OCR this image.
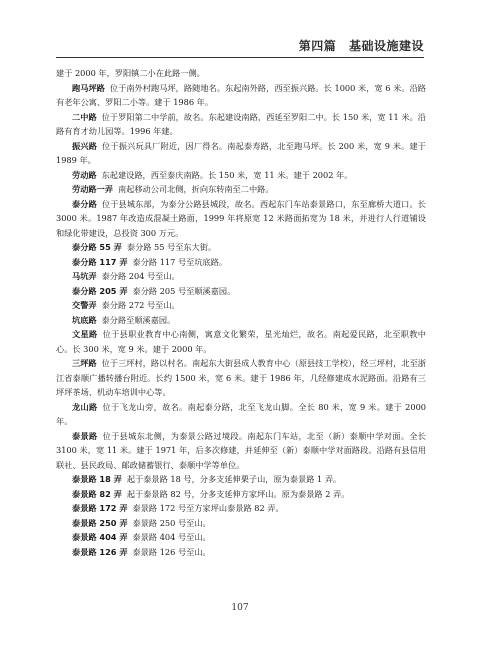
第四篇 基础设施建设

建于 2000 年，罗阳镇二小在此路一侧。

跑马坪路 位于南外村跑马坪，路随地名。东起南外路，西至振兴路。长 1000 米，宽 6 米。沿路有老年公寓、罗阳二小等。建于 1986 年。

二中路 位于罗阳第二中学前，故名。东起建设南路，西延至罗阳二中。长 150 米，宽 11 米。沿路有育才幼儿园等。1996 年建。

振兴路 位于振兴玩具厂附近，因厂得名。南起泰寿路，北至跑马坪。长 200 米，宽 9 米。建于 1989 年。

劳动路 东起建设路，西至泰庆南路。长 150 米，宽 11 米。建于 2002 年。

劳动路一弄 南起移动公司北侧，折向东转南至二中路。

泰分路 位于县城东部，为泰分公路县城段，故名。西起东门车站泰景路口，东至廊桥大道口。长 3000 米。1987 年改造成混凝土路面，1999 年将原宽 12 米路面拓宽为 18 米，并进行人行道铺设和绿化带建设，总投资 300 万元。

泰分路 55 弄 泰分路 55 号至东大街。

泰分路 117 弄 泰分路 117 号至坑底路。

马坑弄 泰分路 204 号至山。

泰分路 205 弄 泰分路 205 号至顺溪嘉园。

交警弄 泰分路 272 号至山。

坑底路 泰分路至顺溪嘉园。

文星路 位于县职业教育中心南侧，寓意文化繁荣，星光灿烂，故名。南起爱民路，北至职教中心。长 300 米，宽 9 米。建于 2000 年。

三坪路 位于三坪村，路以村名。南起东大街县成人教育中心（原县技工学校），经三坪村，北至浙江省泰顺广播转播台附近。长约 1500 米，宽 6 米。建于 1986 年，几经修建成水泥路面。沿路有三坪坪茶场、机动车培训中心等。

龙山路 位于飞龙山旁，故名。南起泰分路，北至飞龙山脚。全长 80 米，宽 9 米。建于 2000 年。

泰景路 位于县城东北侧，为泰景公路过境段。南起东门车站，北至（新）泰顺中学对面。全长 3100 米，宽 11 米。建于 1971 年，后多次修建，并延伸至（新）泰顺中学对面路段。沿路有县信用联社、县民政局、邮政储蓄银行、泰顺中学等单位。

泰景路 18 弄 起于泰景路 18 号，分多支延伸栗子山，原为泰景路 1 弄。

泰景路 82 弄 起于泰景路 82 号，分多支延伸方家坪山。原为泰景路 2 弄。

泰景路 172 弄 泰景路 172 号至方家坪山泰景路 82 弄。

泰景路 250 弄 泰景路 250 号至山。

泰景路 404 弄 泰景路 404 号至山。

泰景路 126 弄 泰景路 126 号至山。

107
